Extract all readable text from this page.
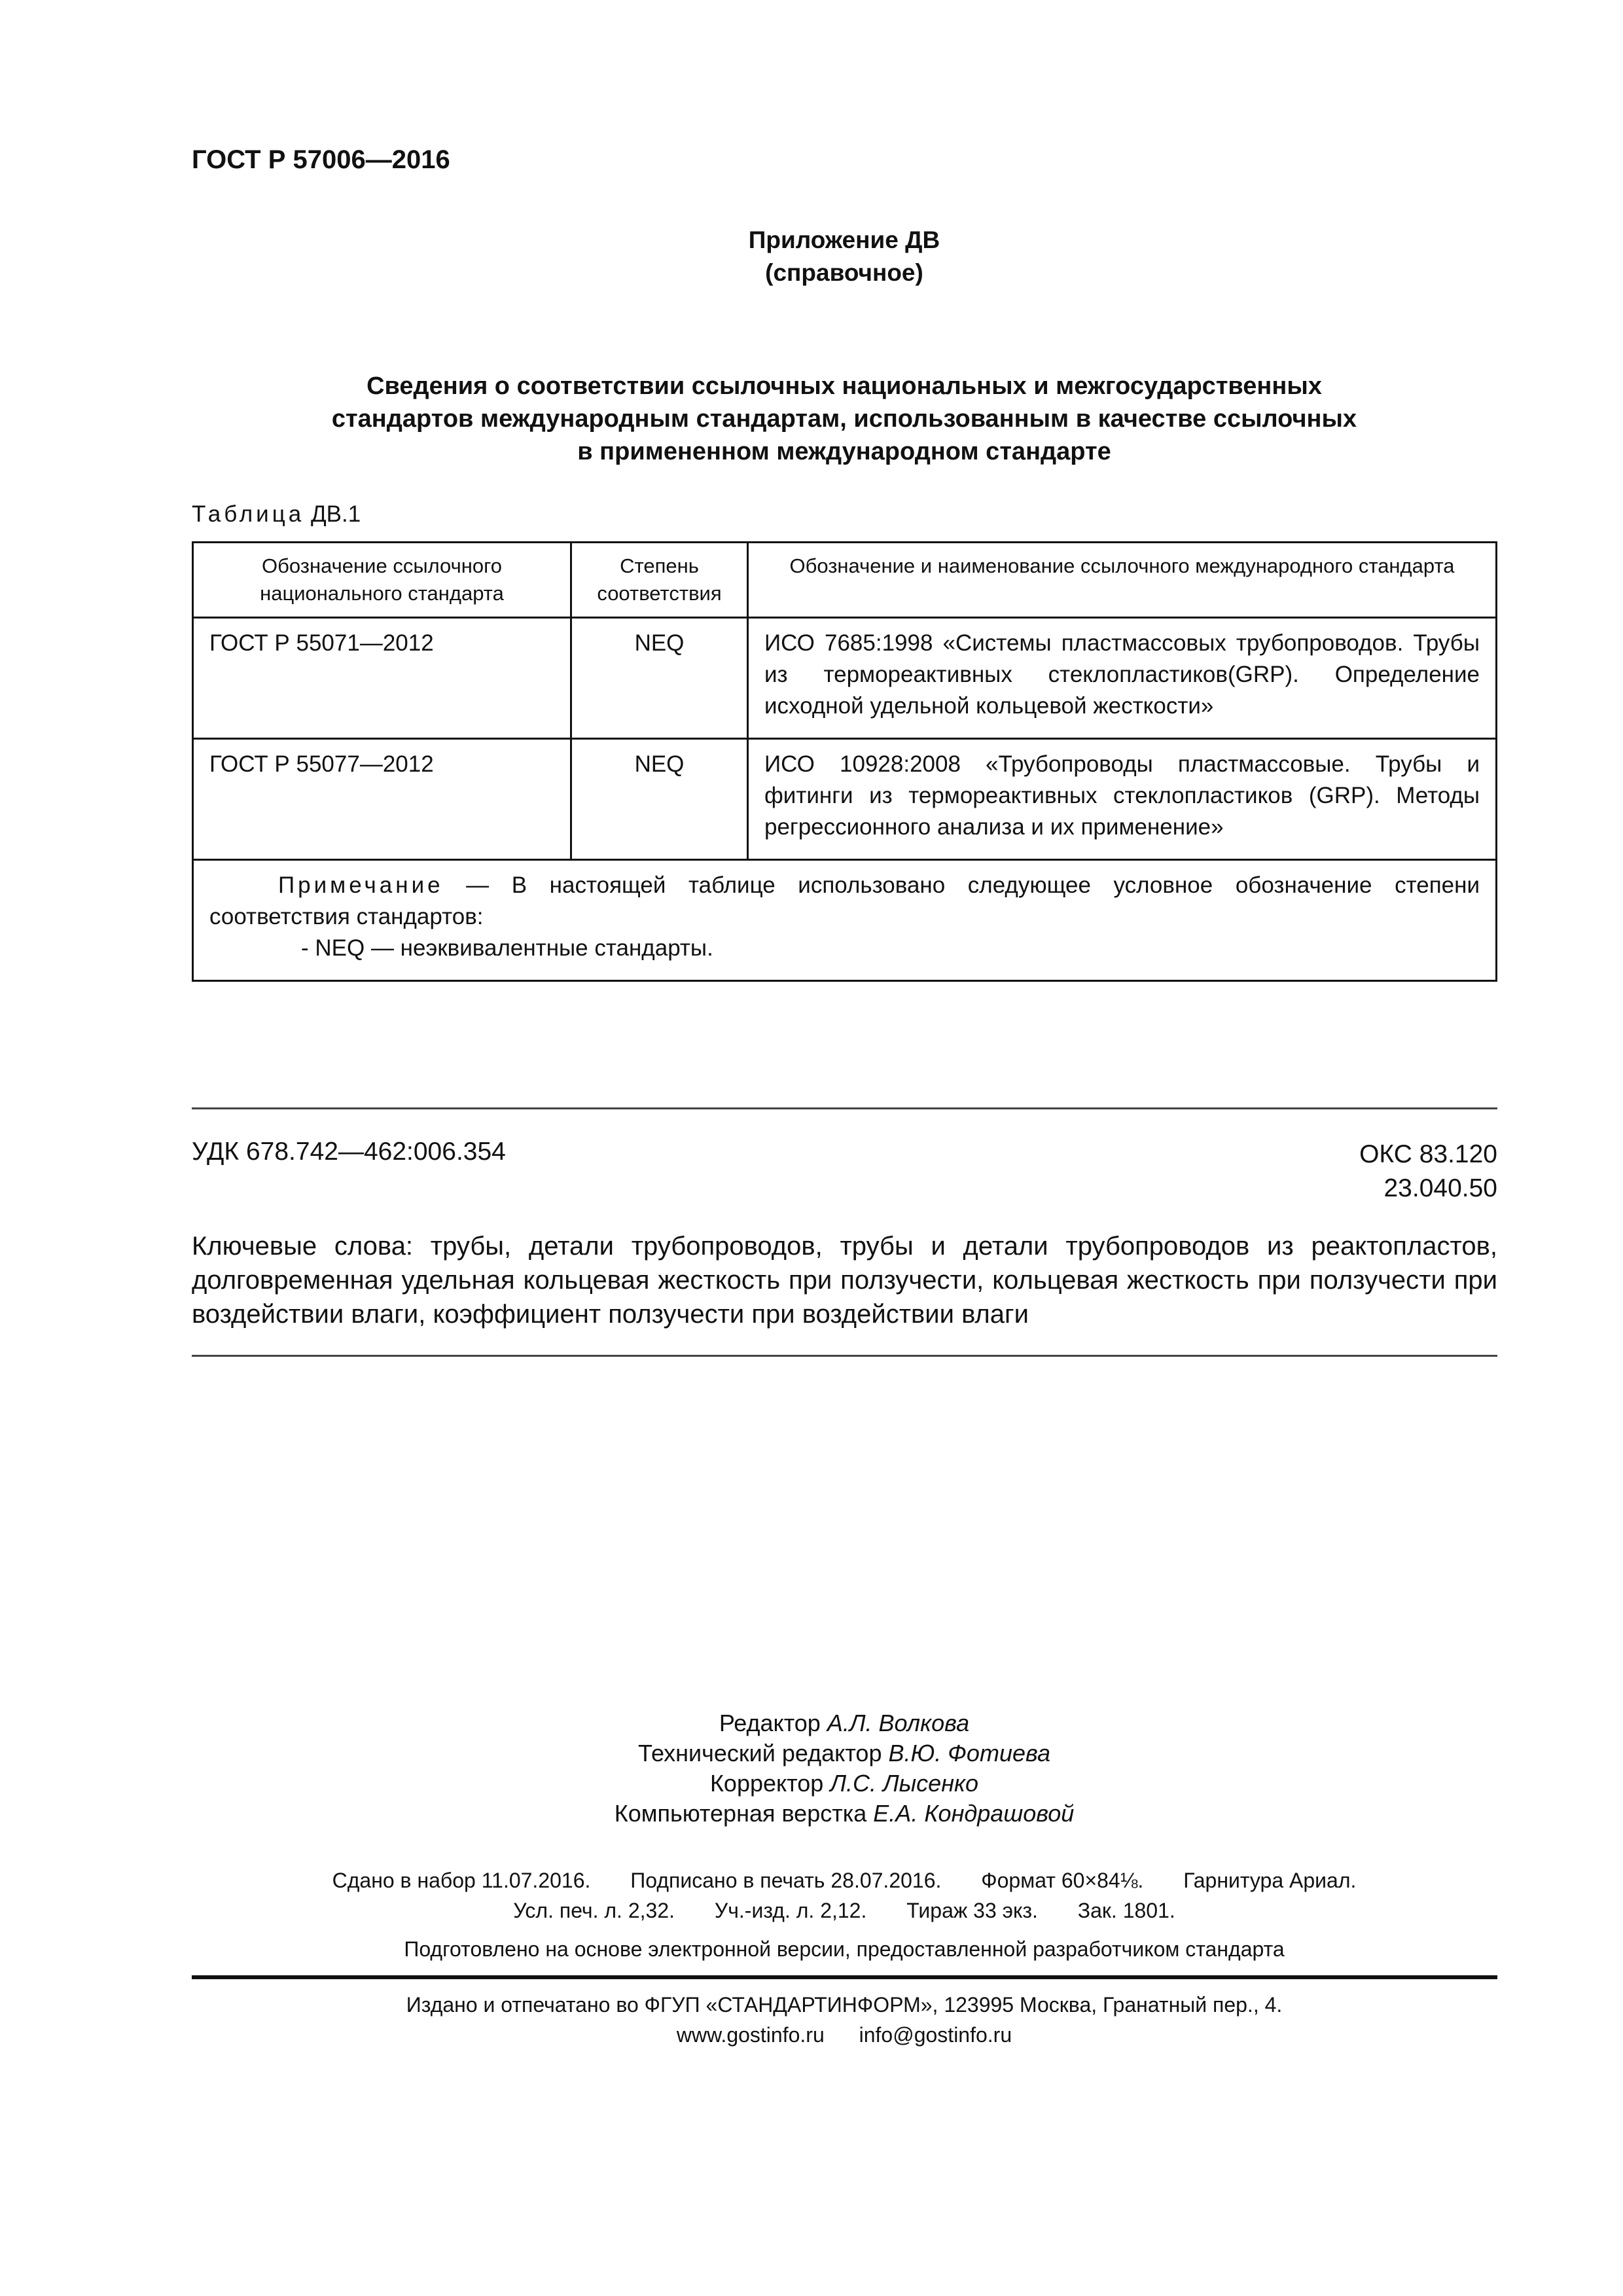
ГОСТ Р 57006—2016
Приложение ДВ
(справочное)
Сведения о соответствии ссылочных национальных и межгосударственных
стандартов международным стандартам, использованным в качестве ссылочных
в примененном международном стандарте
Таблица ДВ.1
Обозначение ссылочного национального стандарта	Степень соответствия	Обозначение и наименование ссылочного международного стандарта
ГОСТ Р 55071—2012	NEQ	ИСО 7685:1998 «Системы пластмассовых трубопроводов. Трубы из термореактивных стеклопластиков(GRP). Определение исходной удельной кольцевой жесткости»
ГОСТ Р 55077—2012	NEQ	ИСО 10928:2008 «Трубопроводы пластмассовые. Трубы и фитинги из термореактивных стеклопластиков (GRP). Методы регрессионного анализа и их применение»

Примечание — В настоящей таблице использовано следующее условное обозначение степени соответствия стандартов:
- NEQ — неэквивалентные стандарты.		
УДК 678.742—462:006.354	ОКС 83.120
23.040.50
Ключевые слова: трубы, детали трубопроводов, трубы и детали трубопроводов из реактопластов, долговременная удельная кольцевая жесткость при ползучести, кольцевая жесткость при ползучести при воздействии влаги, коэффициент ползучести при воздействии влаги
Редактор А.Л. Волкова
Технический редактор В.Ю. Фотиева
Корректор Л.С. Лысенко
Компьютерная верстка Е.А. Кондрашовой
Сдано в набор 11.07.2016. Подписано в печать 28.07.2016. Формат 60×84⅛. Гарнитура Ариал.
Усл. печ. л. 2,32. Уч.-изд. л. 2,12. Тираж 33 экз. Зак. 1801.
Подготовлено на основе электронной версии, предоставленной разработчиком стандарта
Издано и отпечатано во ФГУП «СТАНДАРТИНФОРМ», 123995 Москва, Гранатный пер., 4.
www.gostinfo.ru info@gostinfo.ru
